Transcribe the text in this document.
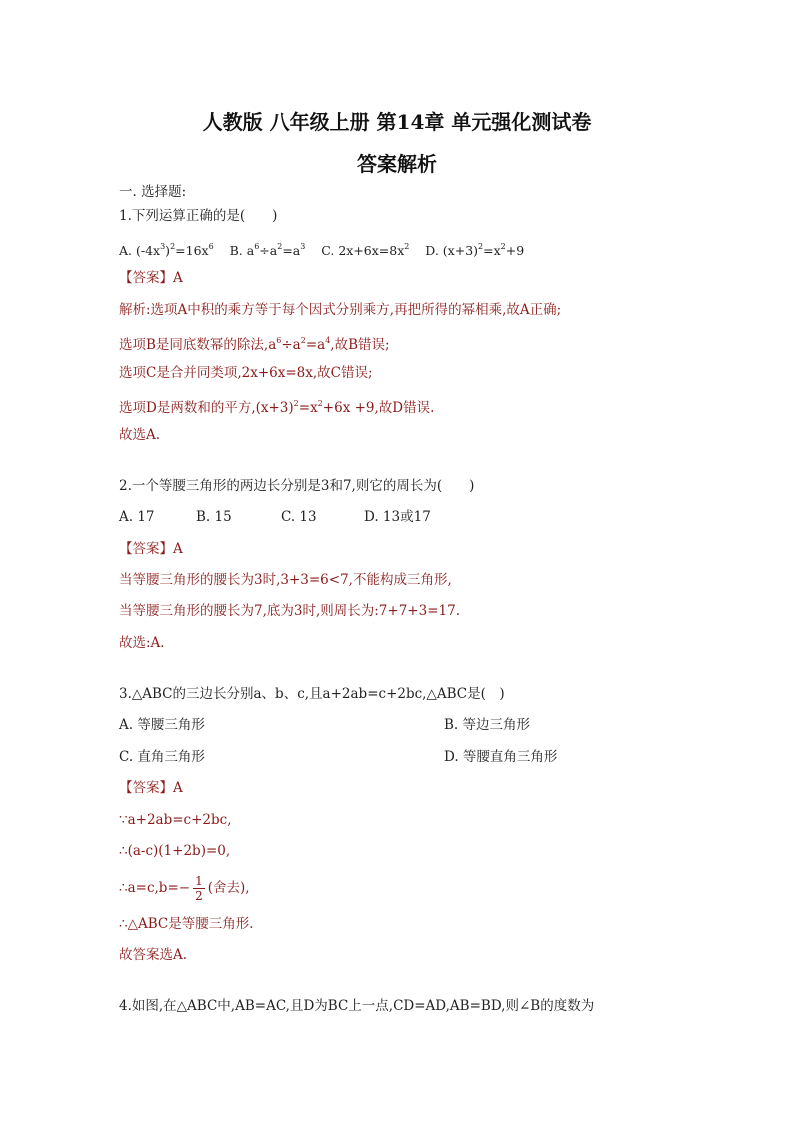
人教版 八年级上册 第14章 单元强化测试卷
答案解析
一. 选择题:
1.下列运算正确的是(　　)
A. $(-4x^3)^2=16x^6$ B. $a^6\div a^2=a^3$ C. $2x+6x=8x^2$ D. $(x+3)^2=x^2+9$
【答案】A
解析:选项A中积的乘方等于每个因式分别乘方,再把所得的幂相乘,故A正确;
选项B是同底数幂的除法$,a^6\div a^2=a^4$,故B错误;
选项C是合并同类项,2x+6x=8x,故C错误;
选项D是两数和的平方$,(x+3)^2=x^2+6x +9$,故D错误.
故选A.
2.一个等腰三角形的两边长分别是3和7,则它的周长为(　　)
A. 17	B. 15	C. 13	D. 13或17
【答案】A
当等腰三角形的腰长为3时,3+3=6<7,不能构成三角形,
当等腰三角形的腰长为7,底为3时,则周长为:7+7+3=17.
故选:A.
3.△ABC的三边长分别a、b、c,且a+2ab=c+2bc,△ABC是(　)
A. 等腰三角形	B. 等边三角形
C. 直角三角形	D. 等腰直角三角形
【答案】A
∵a+2ab=c+2bc,
∴(a-c)(1+2b)=0,
∴a=c,b=− $\frac{1}{2}$ (舍去),
∴△ABC是等腰三角形.
故答案选A.
4.如图,在△ABC中,AB=AC,且D为BC上一点,CD=AD,AB=BD,则∠B的度数为
